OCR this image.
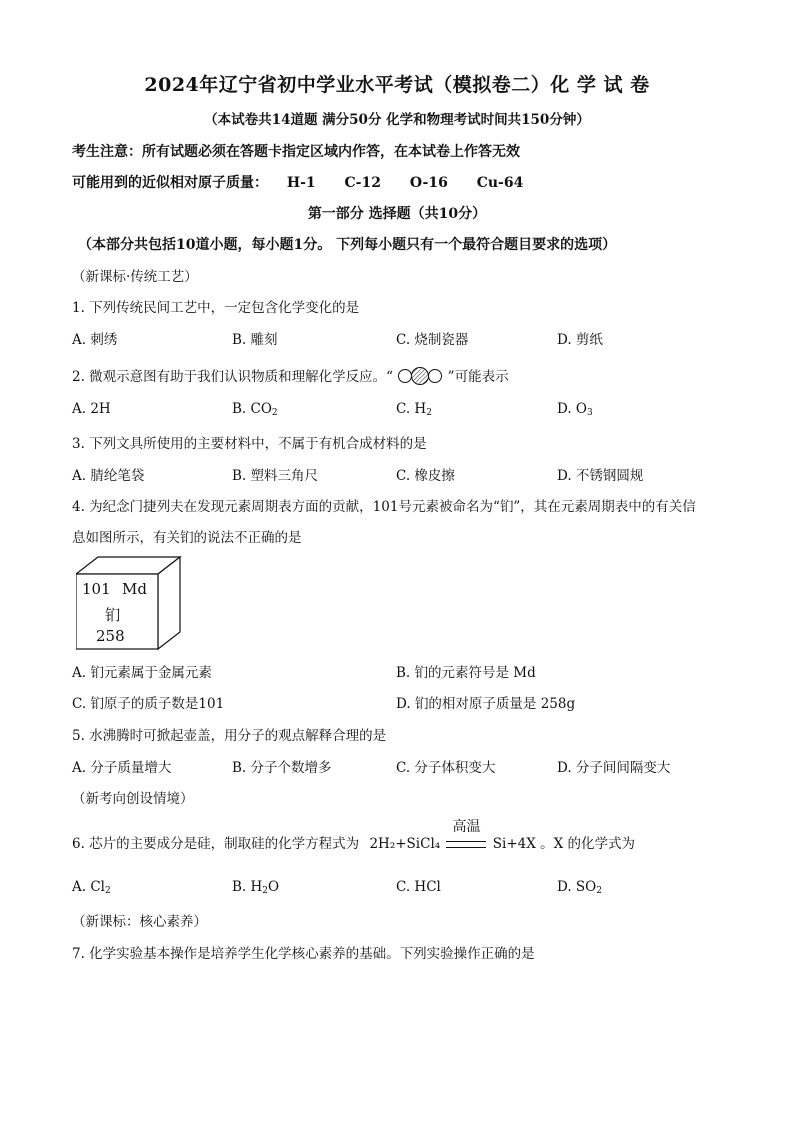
2024年辽宁省初中学业水平考试（模拟卷二）化 学 试 卷
（本试卷共14道题 满分50分 化学和物理考试时间共150分钟）
考生注意：所有试题必须在答题卡指定区域内作答，在本试卷上作答无效
可能用到的近似相对原子质量： H-1 C-12 O-16 Cu-64
第一部分 选择题（共10分）
（本部分共包括10道小题，每小题1分。 下列每小题只有一个最符合题目要求的选项）
（新课标·传统工艺）
1. 下列传统民间工艺中，一定包含化学变化的是
A. 刺绣	B. 雕刻	C. 烧制瓷器	D. 剪纸
2. 微观示意图有助于我们认识物质和理解化学反应。“	”可能表示
A. 2H	B. $CO_2$	C. $H_2$	D. $O_3$
3. 下列文具所使用的主要材料中，不属于有机合成材料的是
A. 腈纶笔袋	B. 塑料三角尺	C. 橡皮擦	D. 不锈钢圆规
4. 为纪念门捷列夫在发现元素周期表方面的贡献，101号元素被命名为“钔”，其在元素周期表中的有关信
息如图所示，有关钔的说法不正确的是
101 Md
钔
258
A. 钔元素属于金属元素	B. 钔的元素符号是 Md
C. 钔原子的质子数是101	D. 钔的相对原子质量是 258g
5. 水沸腾时可掀起壶盖，用分子的观点解释合理的是
A. 分子质量增大	B. 分子个数增多	C. 分子体积变大	D. 分子间间隔变大
（新考向创设情境）
6. 芯片的主要成分是硅，制取硅的化学方程式为 2H₂+SiCl₄
高温
Si+4X 。X 的化学式为
A. $Cl_2$	B. $H_2O$	C. HCl	D. $SO_2$
（新课标：核心素养）
7. 化学实验基本操作是培养学生化学核心素养的基础。下列实验操作正确的是
